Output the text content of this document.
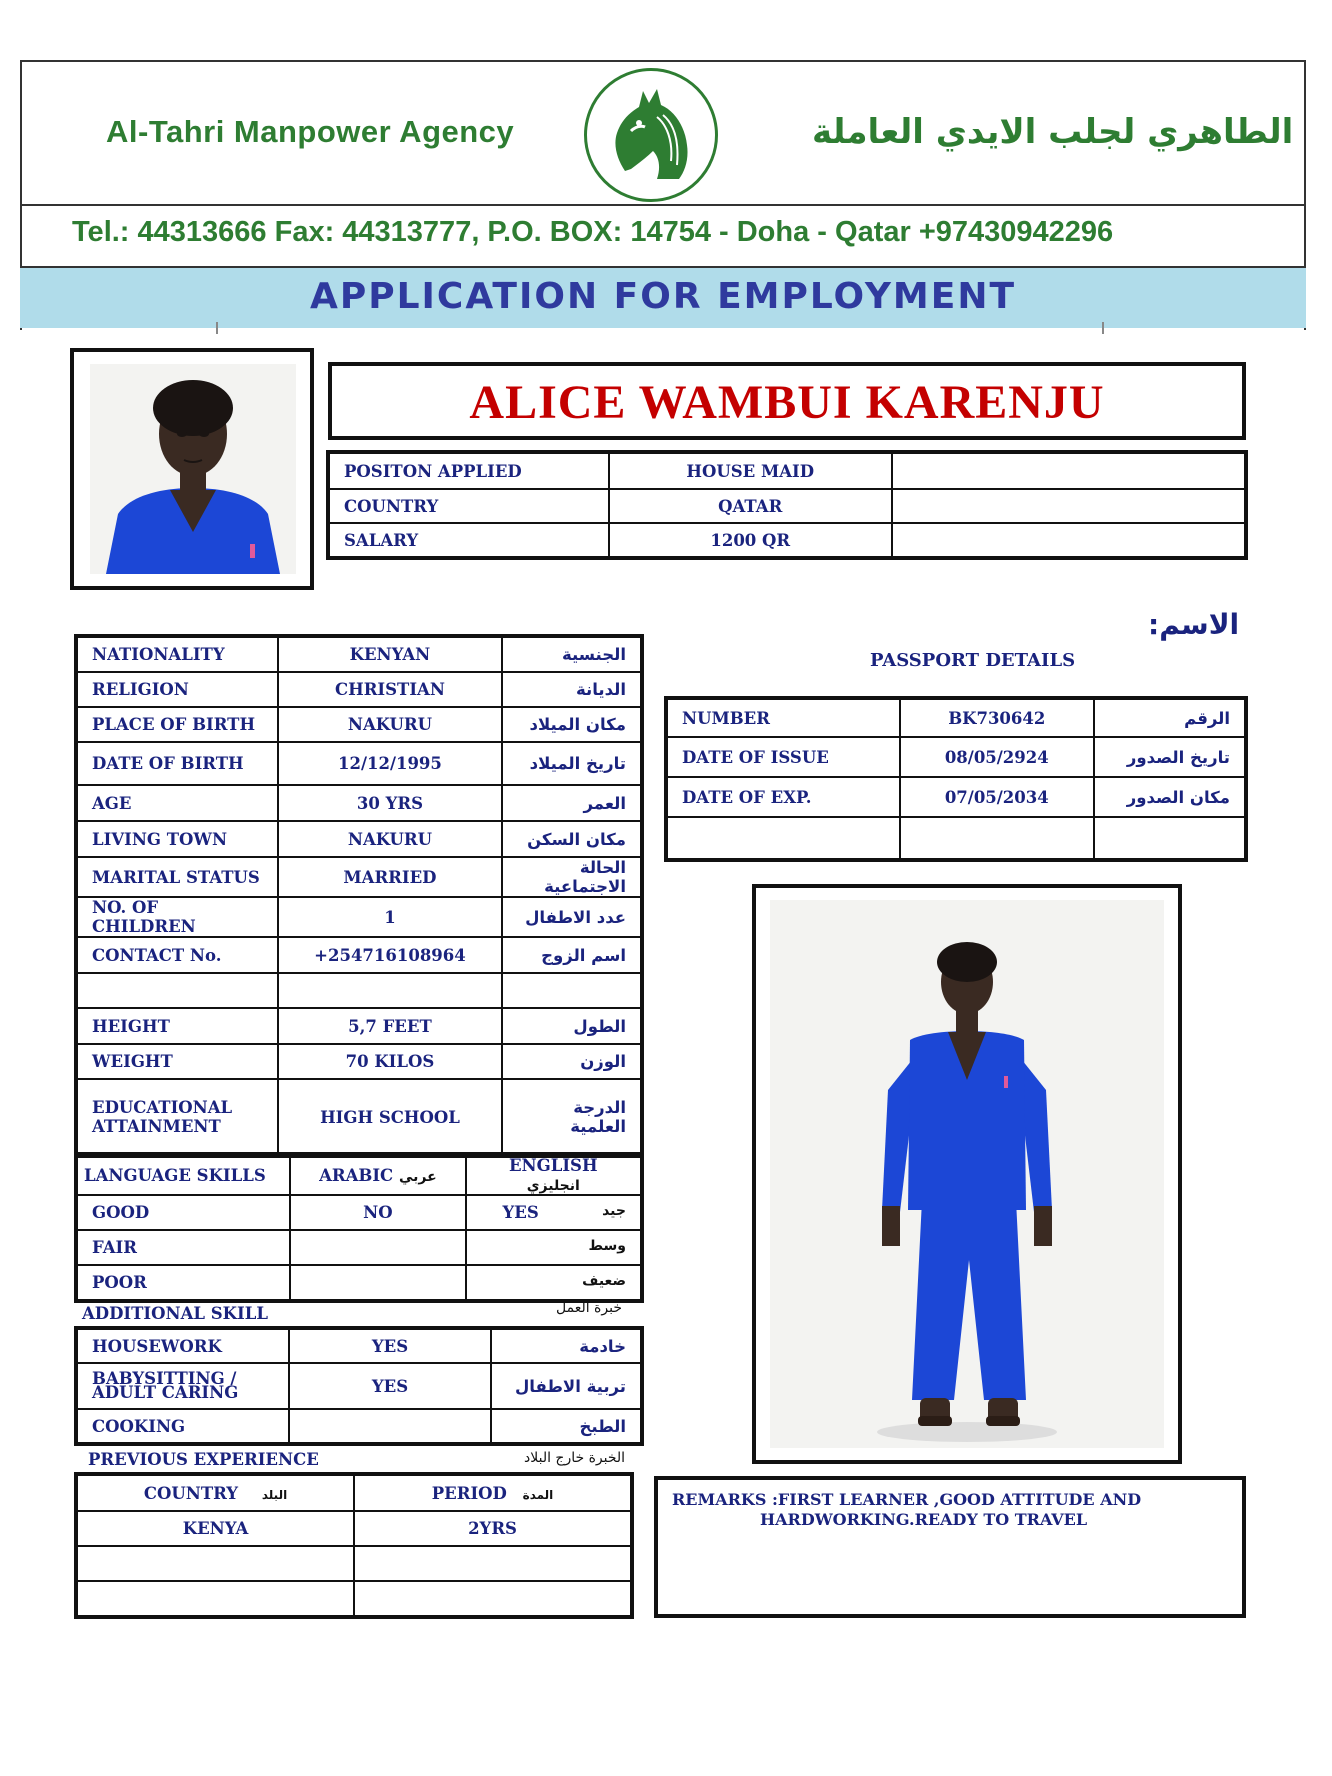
Al-Tahri Manpower Agency	الطاهري لجلب الايدي العاملة
Tel.: 44313666 Fax: 44313777, P.O. BOX: 14754 - Doha - Qatar +97430942296
APPLICATION FOR EMPLOYMENT
ALICE WAMBUI KARENJU
POSITON APPLIED	HOUSE MAID	
COUNTRY	QATAR	
SALARY	1200 QR	
NATIONALITY	KENYAN	الجنسية
RELIGION	CHRISTIAN	الديانة
PLACE OF BIRTH	NAKURU	مكان الميلاد
DATE OF BIRTH	12/12/1995	تاريخ الميلاد
AGE	30 YRS	العمر
LIVING TOWN	NAKURU	مكان السكن
MARITAL STATUS	MARRIED	الحالة الاجتماعية
NO. OF CHILDREN	1	عدد الاطفال
CONTACT No.	+254716108964	اسم الزوج

HEIGHT	5,7 FEET	الطول
WEIGHT	70 KILOS	الوزن

EDUCATIONAL
ATTAINMENT	HIGH SCHOOL	الدرجة العلمية
LANGUAGE SKILLS	ARABIC عربي	ENGLISH انجليزي
GOOD	NO	YES جيد

FAIR		وسط

POOR		ضعيف
ADDITIONAL SKILL	خبرة العمل
HOUSEWORK	YES	خادمة
BABYSITTING / ADULT CARING	YES	تربية الاطفال
COOKING		الطبخ
PREVIOUS EXPERIENCE	الخبرة خارج البلاد
COUNTRY البلد	PERIOD المدة
KENYA	2YRS

الاسم:
PASSPORT DETAILS
NUMBER	BK730642	الرقم
DATE OF ISSUE	08/05/2924	تاريخ الصدور
DATE OF EXP.	07/05/2034	مكان الصدور

REMARKS :FIRST LEARNER ,GOOD ATTITUDE AND
HARDWORKING.READY TO TRAVEL
